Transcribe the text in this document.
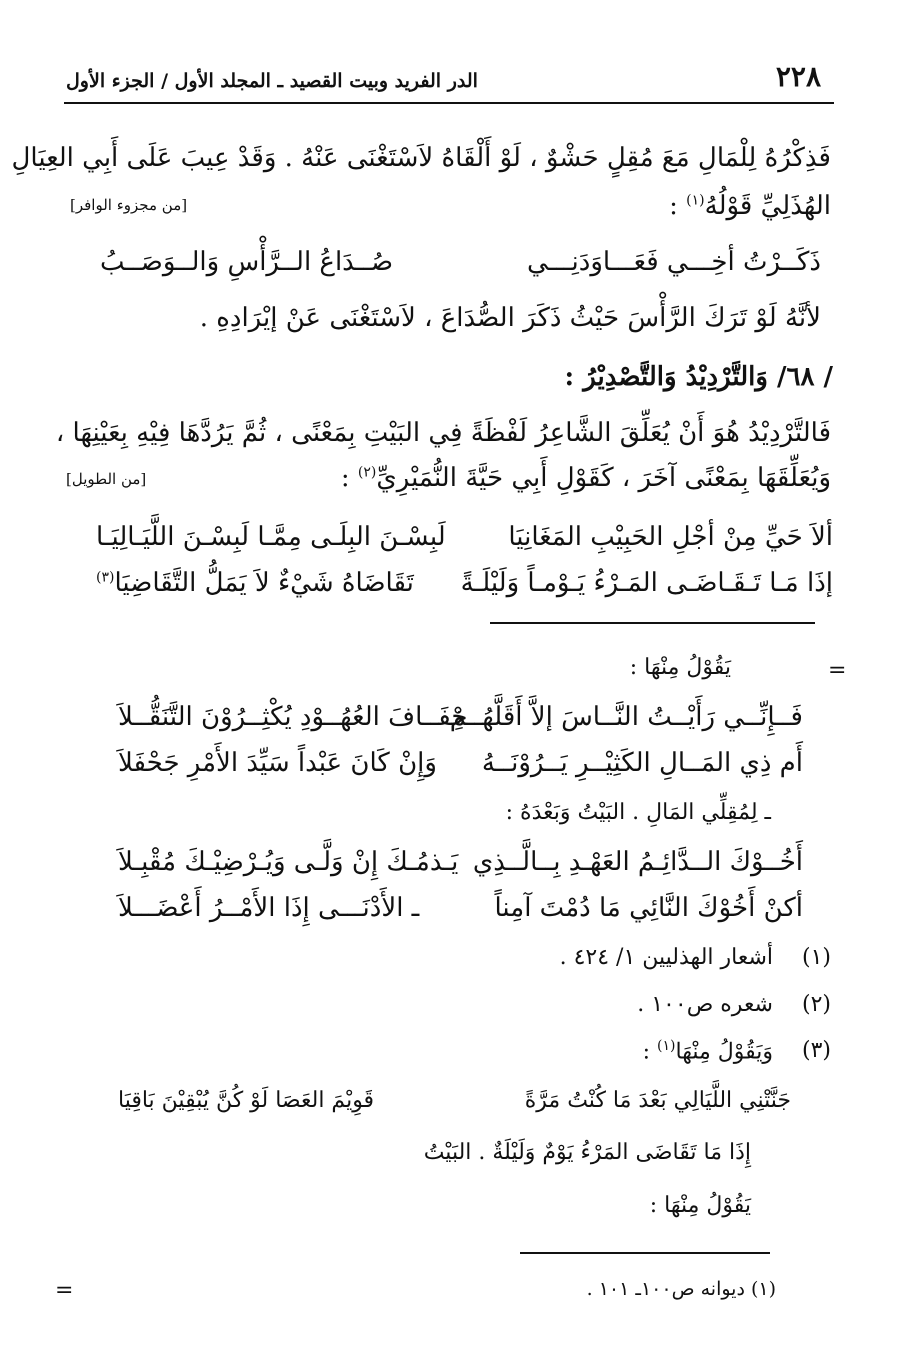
٢٢٨
الدر الفريد وبيت القصيد ـ المجلد الأول / الجزء الأول
فَذِكْرُهُ لِلْمَالِ مَعَ مُقِلٍ حَشْوٌ ، لَوْ أَلْقَاهُ لاَسْتَغْنَى عَنْهُ . وَقَدْ عِيبَ عَلَى أَبِي العِيَالِ
الهُذَلِيِّ قَوْلُهُ$^{(١)}$ :
[من مجزوء الوافر]
ذَكَــرْتُ أخِـــي فَعَـــاوَدَنِـــي
صُــدَاعُ الــرَّأْسِ وَالــوَصَــبُ
لأنَّهُ لَوْ تَرَكَ الرَّأْسَ حَيْثُ ذَكَرَ الصُّدَاعَ ، لاَسْتَغْنَى عَنْ إيْرَادِهِ .
/ ٦٨/ وَالتَّرْدِيْدُ وَالتَّصْدِيْرُ :
فَالتَّرْدِيْدُ هُوَ أَنْ يُعَلِّقَ الشَّاعِرُ لَفْظَةً فِي البَيْتِ بِمَعْنًى ، ثُمَّ يَرُدَّهَا فِيْهِ بِعَيْنِهَا ،
وَيُعَلِّقَهَا بِمَعْنًى آخَرَ ، كَقَوْلِ أَبِي حَيَّةَ النُّمَيْرِيِّ$^{(٢)}$ :
[من الطويل]
ألاَ حَيِّ مِنْ أجْلِ الحَبِيْبِ المَغَانِيَا
لَبِسْـنَ البِلَـى مِمَّـا لَبِسْـنَ اللَّيَـالِيَـا
إذَا مَـا تَـقَـاضَـى المَـرْءُ يَـوْمـاً وَلَيْلَـةً
تَقَاضَاهُ شَيْءٌ لاَ يَمَلُّ التَّقَاضِيَا$^{(٣)}$
=
يَقُوْلُ مِنْهَا :
فَــإِنِّــي رَأَيْــتُ النَّــاسَ إلاَّ أَقَلَّهُــمْ
خِفَــافَ العُهُــوْدِ يُكْثِــرُوْنَ التَّنَقُّــلاَ
أَم ذِي المَــالِ الكَثِيْــرِ يَــرُوْنَــهُ
وَإِنْ كَانَ عَبْداً سَيِّدَ الأَمْرِ جَحْفَلاَ
ـ لِمُقِلِّي المَالِ . البَيْتُ وَبَعْدَهُ :
أَخُــوْكَ الــدَّائِـمُ العَهْـدِ بِــالَّــذِي
يَـذمُـكَ إِنْ وَلَّـى وَيُـرْضِيْـكَ مُقْبِـلاَ
أكنْ أَخُوْكَ النَّائِي مَا دُمْتَ آمِناً
ـ الأَدْنَـــى إِذَا الأَمْــرُ أَعْضَـــلاَ
(١)
أشعار الهذليين ١/ ٤٢٤ .
(٢)
شعره ص١٠٠ .
(٣)
وَيَقُوْلُ مِنْهَا$^{(١)}$ :
جَنَّتْنِي اللَّيَالِي بَعْدَ مَا كُنْتُ مَرَّةً
قَوِيْمَ العَصَا لَوْ كُنَّ يُبْقِيْنَ بَاقِيَا
إِذَا مَا تَقَاضَى المَرْءُ يَوْمٌ وَلَيْلَةٌ . البَيْتُ
يَقُوْلُ مِنْهَا :
(١) ديوانه ص١٠٠ـ ١٠١ .
=
